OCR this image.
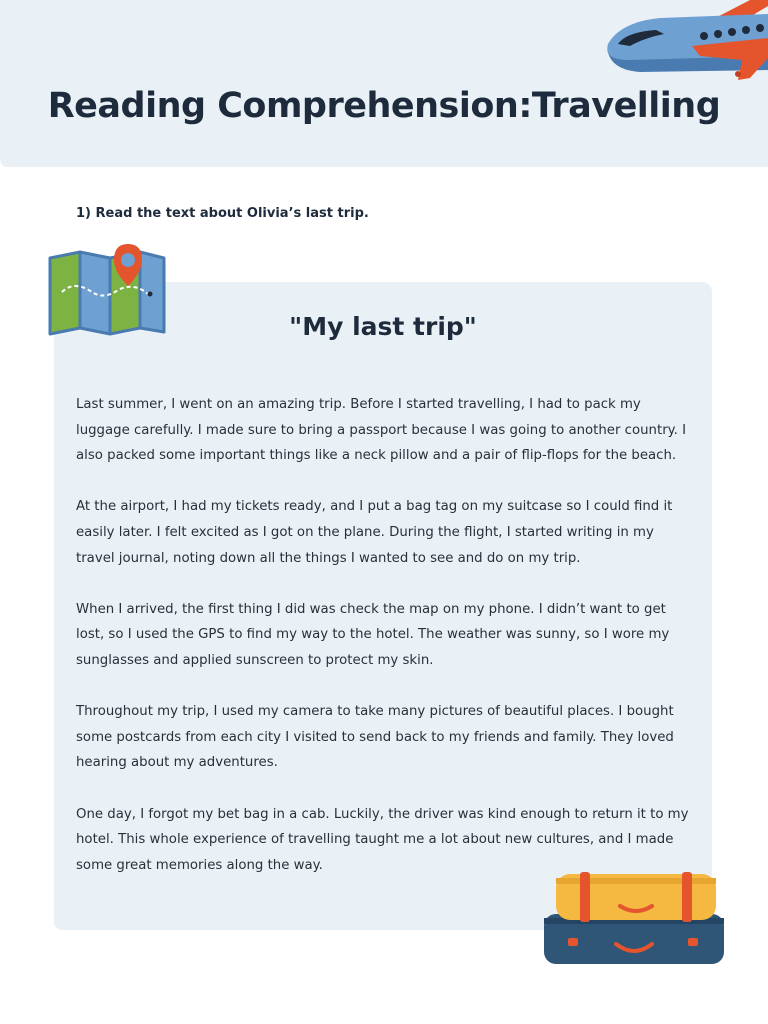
Reading Comprehension:Travelling
1) Read the text about Olivia’s last trip.
"My last trip"

Last summer, I went on an amazing trip. Before I started travelling, I had to pack my luggage carefully. I made sure to bring a passport because I was going to another country. I also packed some important things like a neck pillow and a pair of flip-flops for the beach.

At the airport, I had my tickets ready, and I put a bag tag on my suitcase so I could find it easily later. I felt excited as I got on the plane. During the flight, I started writing in my travel journal, noting down all the things I wanted to see and do on my trip.

When I arrived, the first thing I did was check the map on my phone. I didn’t want to get lost, so I used the GPS to find my way to the hotel. The weather was sunny, so I wore my sunglasses and applied sunscreen to protect my skin.

Throughout my trip, I used my camera to take many pictures of beautiful places. I bought some postcards from each city I visited to send back to my friends and family. They loved hearing about my adventures.

One day, I forgot my bet bag in a cab. Luckily, the driver was kind enough to return it to my hotel. This whole experience of travelling taught me a lot about new cultures, and I made some great memories along the way.
